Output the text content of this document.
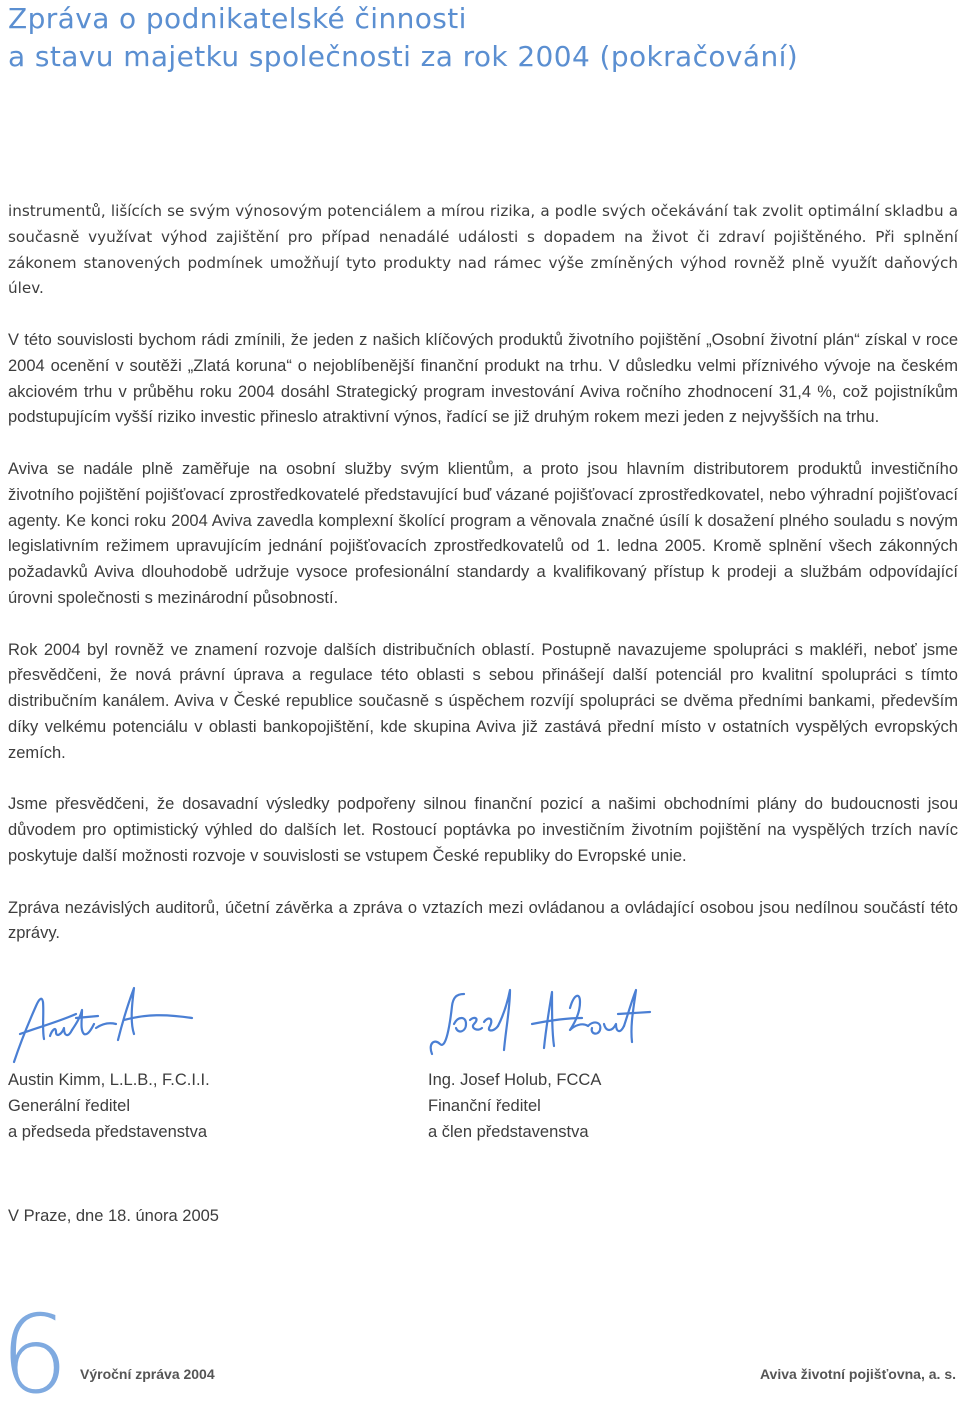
Zpráva o podnikatelské činnosti
a stavu majetku společnosti za rok 2004 (pokračování)

instrumentů, lišících se svým výnosovým potenciálem a mírou rizika, a podle svých očekávání tak zvolit optimální skladbu a současně využívat výhod zajištění pro případ nenadálé události s dopadem na život či zdraví pojištěného. Při splnění zákonem stanovených podmínek umožňují tyto produkty nad rámec výše zmíněných výhod rovněž plně využít daňových úlev.

V této souvislosti bychom rádi zmínili, že jeden z našich klíčových produktů životního pojištění „Osobní životní plán“ získal v roce 2004 ocenění v soutěži „Zlatá koruna“ o nejoblíbenější finanční produkt na trhu. V důsledku velmi příznivého vývoje na českém akciovém trhu v průběhu roku 2004 dosáhl Strategický program investování Aviva ročního zhodnocení 31,4 %, což pojistníkům podstupujícím vyšší riziko investic přineslo atraktivní výnos, řadící se již druhým rokem mezi jeden z nejvyšších na trhu.

Aviva se nadále plně zaměřuje na osobní služby svým klientům, a proto jsou hlavním distributorem produktů investičního životního pojištění pojišťovací zprostředkovatelé představující buď vázané pojišťovací zprostředkovatel, nebo výhradní pojišťovací agenty. Ke konci roku 2004 Aviva zavedla komplexní školící program a věnovala značné úsílí k dosažení plného souladu s novým legislativním režimem upravujícím jednání pojišťovacích zprostředkovatelů od 1. ledna 2005. Kromě splnění všech zákonných požadavků Aviva dlouhodobě udržuje vysoce profesionální standardy a kvalifikovaný přístup k prodeji a službám odpovídající úrovni společnosti s mezinárodní působností.

Rok 2004 byl rovněž ve znamení rozvoje dalších distribučních oblastí. Postupně navazujeme spolupráci s makléři, neboť jsme přesvědčeni, že nová právní úprava a regulace této oblasti s sebou přinášejí další potenciál pro kvalitní spolupráci s tímto distribučním kanálem. Aviva v České republice současně s úspěchem rozvíjí spolupráci se dvěma předními bankami, především díky velkému potenciálu v oblasti bankopojištění, kde skupina Aviva již zastává přední místo v ostatních vyspělých evropských zemích.

Jsme přesvědčeni, že dosavadní výsledky podpořeny silnou finanční pozicí a našimi obchodními plány do budoucnosti jsou důvodem pro optimistický výhled do dalších let. Rostoucí poptávka po investičním životním pojištění na vyspělých trzích navíc poskytuje další možnosti rozvoje v souvislosti se vstupem České republiky do Evropské unie.

Zpráva nezávislých auditorů, účetní závěrka a zpráva o vztazích mezi ovládanou a ovládající osobou jsou nedílnou součástí této zprávy.

Austin Kimm, L.L.B., F.C.I.I.
Generální ředitel
a předseda představenstva
Ing. Josef Holub, FCCA
Finanční ředitel
a člen představenstva
V Praze, dne 18. února 2005
6 Výroční zpráva 2004	Aviva životní pojišťovna, a. s.
